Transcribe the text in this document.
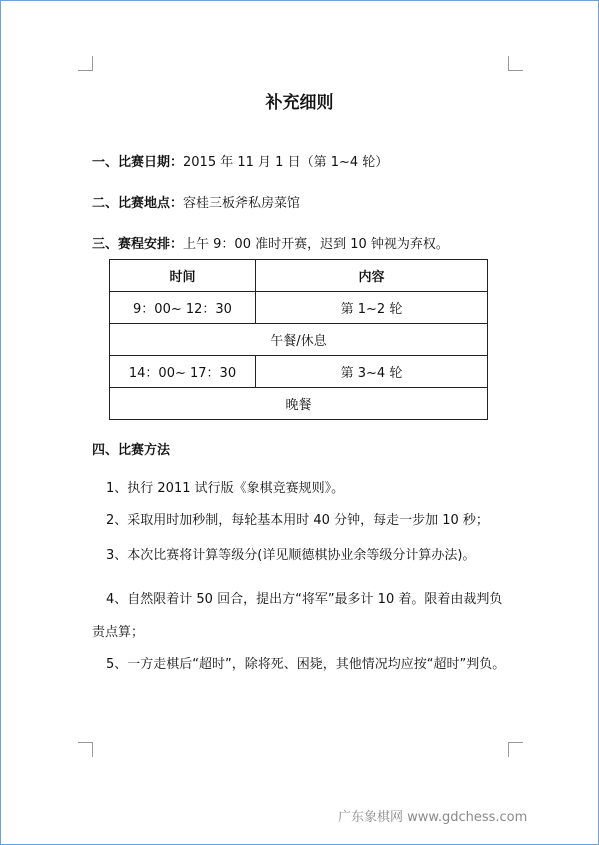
补充细则
一、比赛日期：2015 年 11 月 1 日（第 1~4 轮）
二、比赛地点：容桂三板斧私房菜馆
三、赛程安排：上午 9：00 准时开赛，迟到 10 钟视为弃权。
时间	内容
9：00~ 12：30	第 1~2 轮
午餐/休息	
14：00~ 17：30	第 3~4 轮
晚餐	
四、比赛方法
1、执行 2011 试行版《象棋竞赛规则》。
2、采取用时加秒制，每轮基本用时 40 分钟，每走一步加 10 秒；
3、本次比赛将计算等级分(详见顺德棋协业余等级分计算办法)。
4、自然限着计 50 回合，提出方“将军”最多计 10 着。限着由裁判负责点算；
5、一方走棋后“超时”，除将死、困毙，其他情况均应按“超时”判负。
广东象棋网 www.gdchess.com
